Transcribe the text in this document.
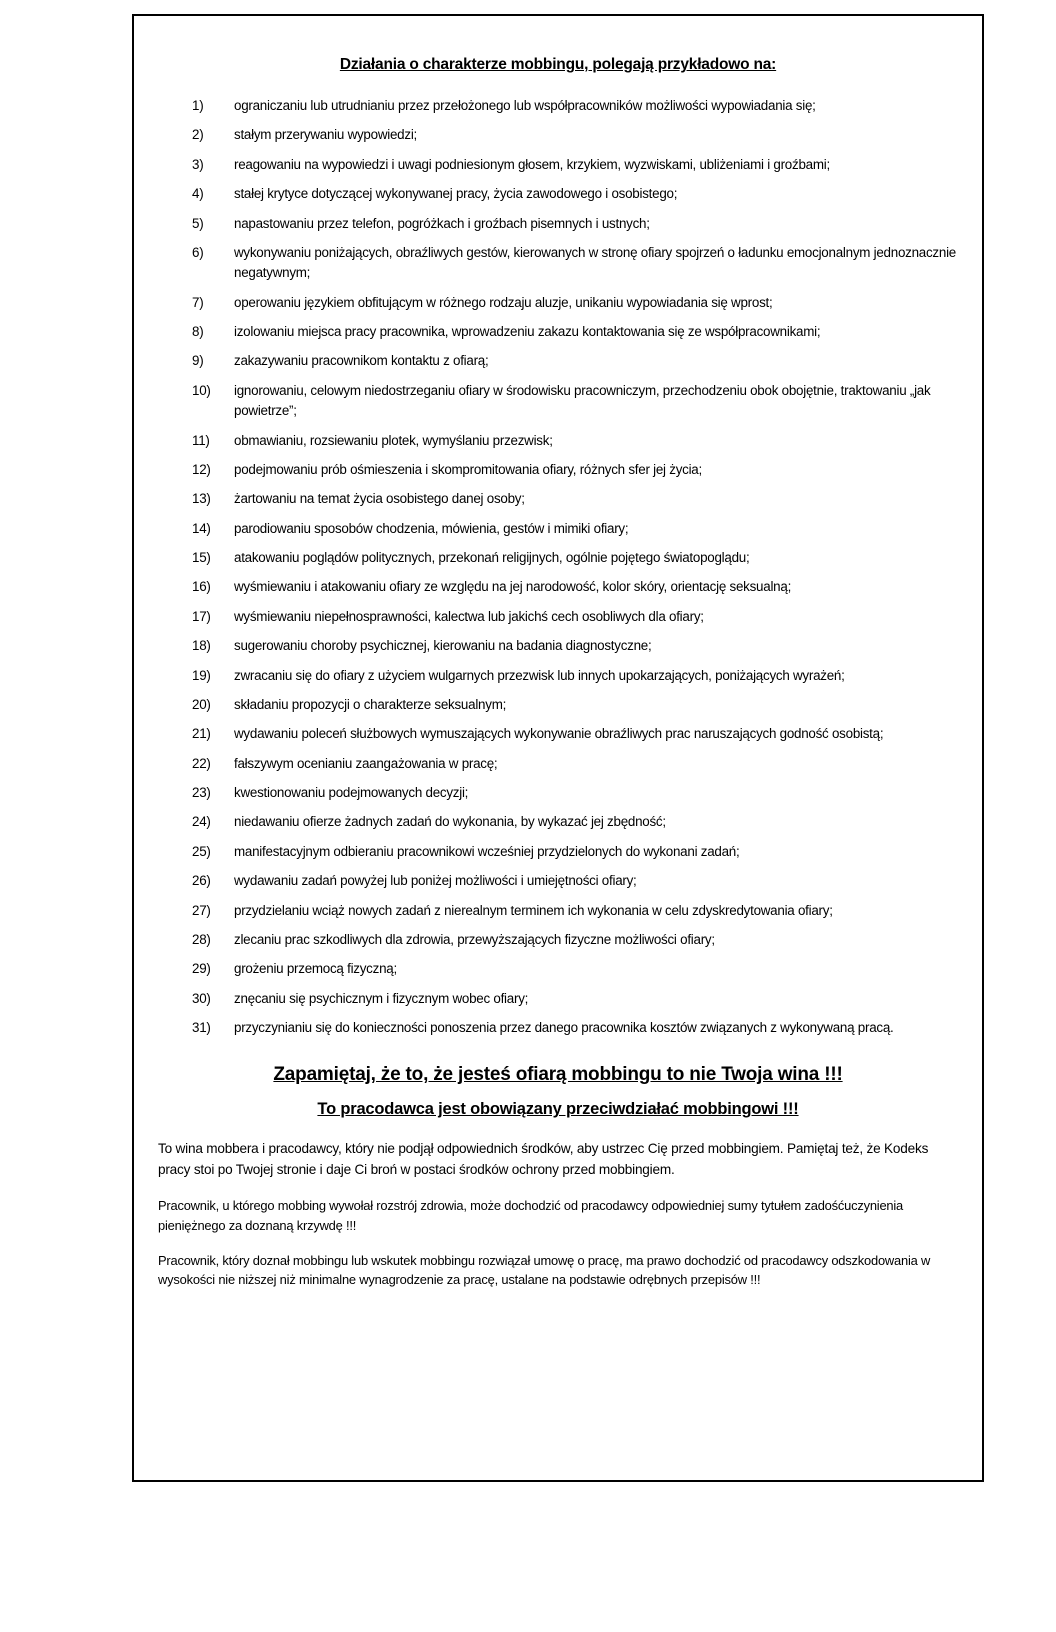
Działania o charakterze mobbingu, polegają przykładowo na:
ograniczaniu lub utrudnianiu przez przełożonego lub współpracowników możliwości wypowiadania się;
stałym przerywaniu wypowiedzi;
reagowaniu na wypowiedzi i uwagi podniesionym głosem, krzykiem, wyzwiskami, ubliżeniami i groźbami;
stałej krytyce dotyczącej wykonywanej pracy, życia zawodowego i osobistego;
napastowaniu przez telefon, pogróżkach i groźbach pisemnych i ustnych;
wykonywaniu poniżających, obraźliwych gestów, kierowanych w stronę ofiary spojrzeń o ładunku emocjonalnym jednoznacznie negatywnym;
operowaniu językiem obfitującym w różnego rodzaju aluzje, unikaniu wypowiadania się wprost;
izolowaniu miejsca pracy pracownika, wprowadzeniu zakazu kontaktowania się ze współpracownikami;
zakazywaniu pracownikom kontaktu z ofiarą;
ignorowaniu, celowym niedostrzeganiu ofiary w środowisku pracowniczym, przechodzeniu obok obojętnie, traktowaniu „jak powietrze”;
obmawianiu, rozsiewaniu plotek, wymyślaniu przezwisk;
podejmowaniu prób ośmieszenia i skompromitowania ofiary, różnych sfer jej życia;
żartowaniu na temat życia osobistego danej osoby;
parodiowaniu sposobów chodzenia, mówienia, gestów i mimiki ofiary;
atakowaniu poglądów politycznych, przekonań religijnych, ogólnie pojętego światopoglądu;
wyśmiewaniu i atakowaniu ofiary ze względu na jej narodowość, kolor skóry, orientację seksualną;
wyśmiewaniu niepełnosprawności, kalectwa lub jakichś cech osobliwych dla ofiary;
sugerowaniu choroby psychicznej, kierowaniu na badania diagnostyczne;
zwracaniu się do ofiary z użyciem wulgarnych przezwisk lub innych upokarzających, poniżających wyrażeń;
składaniu propozycji o charakterze seksualnym;
wydawaniu poleceń służbowych wymuszających wykonywanie obraźliwych prac naruszających godność osobistą;
fałszywym ocenianiu zaangażowania w pracę;
kwestionowaniu podejmowanych decyzji;
niedawaniu ofierze żadnych zadań do wykonania, by wykazać jej zbędność;
manifestacyjnym odbieraniu pracownikowi wcześniej przydzielonych do wykonani zadań;
wydawaniu zadań powyżej lub poniżej możliwości i umiejętności ofiary;
przydzielaniu wciąż nowych zadań z nierealnym terminem ich wykonania w celu zdyskredytowania ofiary;
zlecaniu prac szkodliwych dla zdrowia, przewyższających fizyczne możliwości ofiary;
grożeniu przemocą fizyczną;
znęcaniu się psychicznym i fizycznym wobec ofiary;
przyczynianiu się do konieczności ponoszenia przez danego pracownika kosztów związanych z wykonywaną pracą.
Zapamiętaj, że to, że jesteś ofiarą mobbingu to nie Twoja wina !!!
To pracodawca jest obowiązany przeciwdziałać mobbingowi !!!

To wina mobbera i pracodawcy, który nie podjął odpowiednich środków, aby ustrzec Cię przed mobbingiem. Pamiętaj też, że Kodeks pracy stoi po Twojej stronie i daje Ci broń w postaci środków ochrony przed mobbingiem.

Pracownik, u którego mobbing wywołał rozstrój zdrowia, może dochodzić od pracodawcy odpowiedniej sumy tytułem zadośćuczynienia pieniężnego za doznaną krzywdę !!!

Pracownik, który doznał mobbingu lub wskutek mobbingu rozwiązał umowę o pracę, ma prawo dochodzić od pracodawcy odszkodowania w wysokości nie niższej niż minimalne wynagrodzenie za pracę, ustalane na podstawie odrębnych przepisów !!!
